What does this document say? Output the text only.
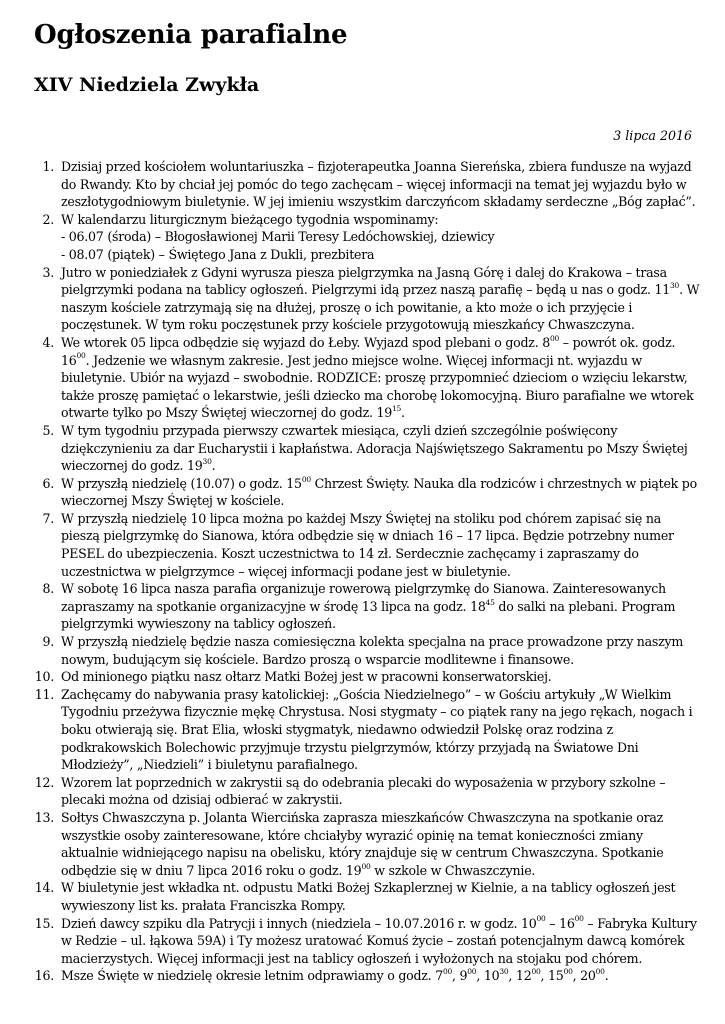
Ogłoszenia parafialne
XIV Niedziela Zwykła
3 lipca 2016
1. Dzisiaj przed kościołem woluntariuszka – fizjoterapeutka Joanna Siereńska, zbiera fundusze na wyjazd do Rwandy. Kto by chciał jej pomóc do tego zachęcam – więcej informacji na temat jej wyjazdu było w zeszłotygodniowym biuletynie. W jej imieniu wszystkim darczyńcom składamy serdeczne „Bóg zapłać”.
2. W kalendarzu liturgicznym bieżącego tygodnia wspominamy:
- 06.07 (środa) – Błogosławionej Marii Teresy Ledóchowskiej, dziewicy
- 08.07 (piątek) – Świętego Jana z Dukli, prezbitera
3. Jutro w poniedziałek z Gdyni wyrusza piesza pielgrzymka na Jasną Górę i dalej do Krakowa – trasa pielgrzymki podana na tablicy ogłoszeń. Pielgrzymi idą przez naszą parafię – będą u nas o godz. $11^{30}$. W naszym kościele zatrzymają się na dłużej, proszę o ich powitanie, a kto może o ich przyjęcie i poczęstunek. W tym roku poczęstunek przy kościele przygotowują mieszkańcy Chwaszczyna.
4. We wtorek 05 lipca odbędzie się wyjazd do Łeby. Wyjazd spod plebani o godz. $8^{00}$ – powrót ok. godz. $16^{00}$. Jedzenie we własnym zakresie. Jest jedno miejsce wolne. Więcej informacji nt. wyjazdu w biuletynie. Ubiór na wyjazd – swobodnie. RODZICE: proszę przypomnieć dzieciom o wzięciu lekarstw, także proszę pamiętać o lekarstwie, jeśli dziecko ma chorobę lokomocyjną. Biuro parafialne we wtorek otwarte tylko po Mszy Świętej wieczornej do godz. $19^{15}$.
5. W tym tygodniu przypada pierwszy czwartek miesiąca, czyli dzień szczególnie poświęcony dziękczynieniu za dar Eucharystii i kapłaństwa. Adoracja Najświętszego Sakramentu po Mszy Świętej wieczornej do godz. $19^{30}$.
6. W przyszłą niedzielę (10.07) o godz. $15^{00}$ Chrzest Święty. Nauka dla rodziców i chrzestnych w piątek po wieczornej Mszy Świętej w kościele.
7. W przyszłą niedzielę 10 lipca można po każdej Mszy Świętej na stoliku pod chórem zapisać się na pieszą pielgrzymkę do Sianowa, która odbędzie się w dniach 16 – 17 lipca. Będzie potrzebny numer PESEL do ubezpieczenia. Koszt uczestnictwa to 14 zł. Serdecznie zachęcamy i zapraszamy do uczestnictwa w pielgrzymce – więcej informacji podane jest w biuletynie.
8. W sobotę 16 lipca nasza parafia organizuje rowerową pielgrzymkę do Sianowa. Zainteresowanych zapraszamy na spotkanie organizacyjne w środę 13 lipca na godz. $18^{45}$ do salki na plebani. Program pielgrzymki wywieszony na tablicy ogłoszeń.
9. W przyszłą niedzielę będzie nasza comiesięczna kolekta specjalna na prace prowadzone przy naszym nowym, budującym się kościele. Bardzo proszą o wsparcie modlitewne i finansowe.
10. Od minionego piątku nasz ołtarz Matki Bożej jest w pracowni konserwatorskiej.
11. Zachęcamy do nabywania prasy katolickiej: „Gościa Niedzielnego” – w Gościu artykuły „W Wielkim Tygodniu przeżywa fizycznie mękę Chrystusa. Nosi stygmaty – co piątek rany na jego rękach, nogach i boku otwierają się. Brat Elia, włoski stygmatyk, niedawno odwiedził Polskę oraz rodzina z podkrakowskich Bolechowic przyjmuje trzystu pielgrzymów, którzy przyjadą na Światowe Dni Młodzieży”, „Niedzieli” i biuletynu parafialnego.
12. Wzorem lat poprzednich w zakrystii są do odebrania plecaki do wyposażenia w przybory szkolne – plecaki można od dzisiaj odbierać w zakrystii.
13. Sołtys Chwaszczyna p. Jolanta Wiercińska zaprasza mieszkańców Chwaszczyna na spotkanie oraz wszystkie osoby zainteresowane, które chciałyby wyrazić opinię na temat konieczności zmiany aktualnie widniejącego napisu na obelisku, który znajduje się w centrum Chwaszczyna. Spotkanie odbędzie się w dniu 7 lipca 2016 roku o godz. $19^{00}$ w szkole w Chwaszczynie.
14. W biuletynie jest wkładka nt. odpustu Matki Bożej Szkaplerznej w Kielnie, a na tablicy ogłoszeń jest wywieszony list ks. prałata Franciszka Rompy.
15. Dzień dawcy szpiku dla Patrycji i innych (niedziela – 10.07.2016 r. w godz. $10^{00} - 16^{00}$ – Fabryka Kultury w Redzie – ul. łąkowa 59A) i Ty możesz uratować Komuś życie – zostań potencjalnym dawcą komórek macierzystych. Więcej informacji jest na tablicy ogłoszeń i wyłożonych na stojaku pod chórem.
16. Msze Święte w niedzielę okresie letnim odprawiamy o godz. $7^{00}$, $9^{00}$, $10^{30}$, $12^{00}$, $15^{00}$, $20^{00}$.
